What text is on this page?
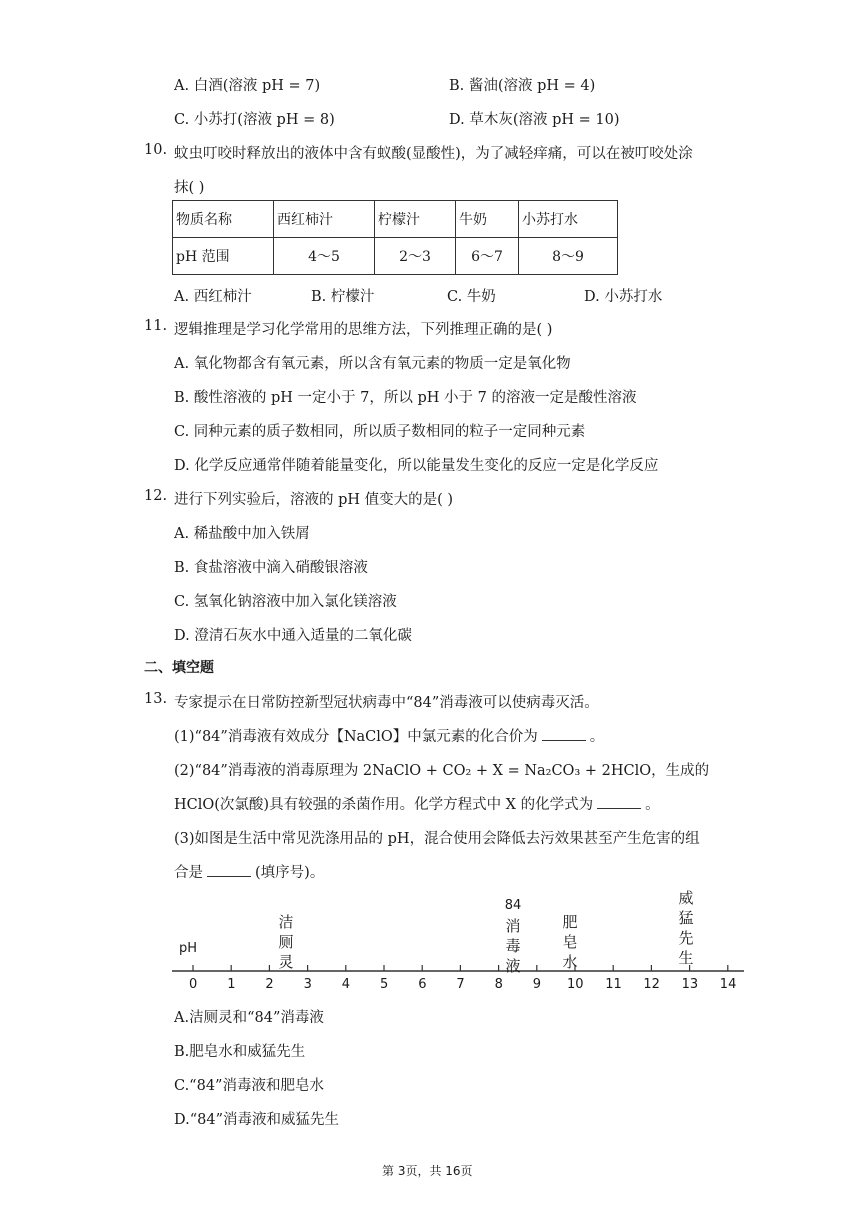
A. 白酒(溶液 pH = 7)	B. 酱油(溶液 pH = 4)
C. 小苏打(溶液 pH = 8)	D. 草木灰(溶液 pH = 10)
10. 蚊虫叮咬时释放出的液体中含有蚁酸(显酸性)，为了减轻痒痛，可以在被叮咬处涂
抹( )
物质名称	西红柿汁	柠檬汁	牛奶	小苏打水
pH 范围	4～5	2～3	6～7	8～9
A. 西红柿汁	B. 柠檬汁	C. 牛奶	D. 小苏打水
11. 逻辑推理是学习化学常用的思维方法，下列推理正确的是( )
A. 氧化物都含有氧元素，所以含有氧元素的物质一定是氧化物
B. 酸性溶液的 pH 一定小于 7，所以 pH 小于 7 的溶液一定是酸性溶液
C. 同种元素的质子数相同，所以质子数相同的粒子一定同种元素
D. 化学反应通常伴随着能量变化，所以能量发生变化的反应一定是化学反应
12. 进行下列实验后，溶液的 pH 值变大的是( )
A. 稀盐酸中加入铁屑
B. 食盐溶液中滴入硝酸银溶液
C. 氢氧化钠溶液中加入氯化镁溶液
D. 澄清石灰水中通入适量的二氧化碳
二、填空题
13. 专家提示在日常防控新型冠状病毒中“84”消毒液可以使病毒灭活。
(1)“84”消毒液有效成分【NaClO】中氯元素的化合价为	。
(2)“84”消毒液的消毒原理为 2NaClO + CO₂ + X = Na₂CO₃ + 2HClO，生成的
HClO(次氯酸)具有较强的杀菌作用。化学方程式中 X 的化学式为	。
(3)如图是生活中常见洗涤用品的 pH，混合使用会降低去污效果甚至产生危害的组
合是	(填序号)。
pH
洁
厕
灵
84
消
毒
液
肥
皂
水
威
猛
先
生
0 1 2 3 4 5 6 7 8 9 10 11 12 13 14
A.洁厕灵和“84”消毒液
B.肥皂水和威猛先生
C.“84”消毒液和肥皂水
D.“84”消毒液和威猛先生
第 3页，共 16页
